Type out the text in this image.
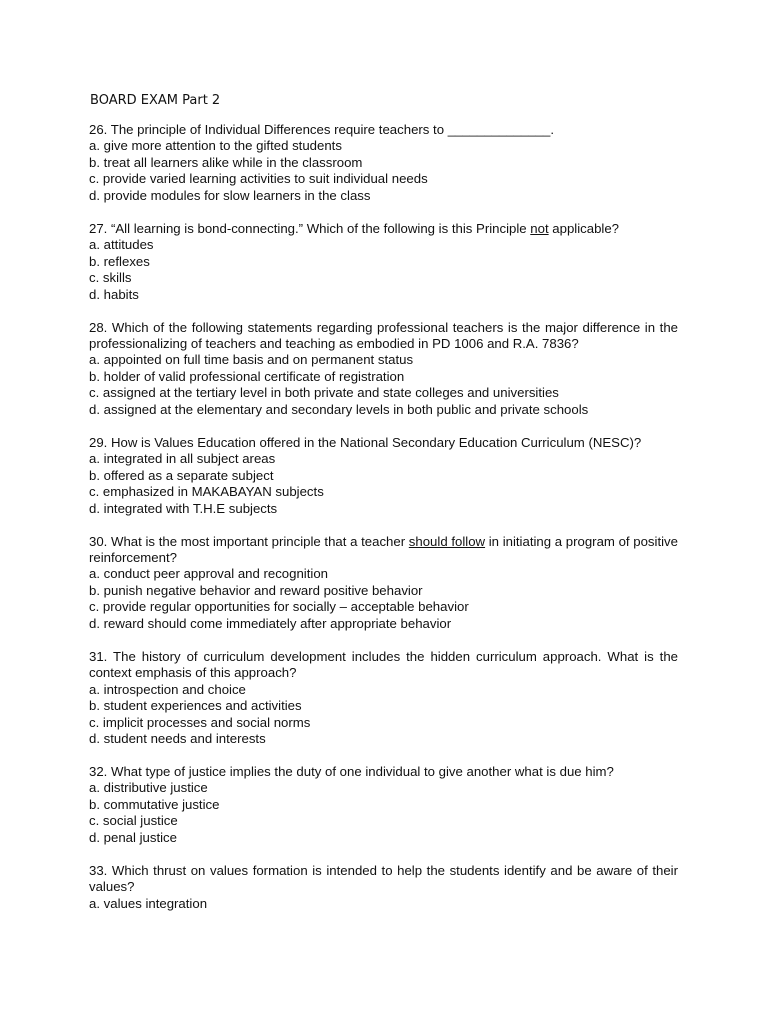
BOARD EXAM Part 2
26. The principle of Individual Differences require teachers to ______________.
a. give more attention to the gifted students
b. treat all learners alike while in the classroom
c. provide varied learning activities to suit individual needs
d. provide modules for slow learners in the class
27. “All learning is bond-connecting.” Which of the following is this Principle not applicable?
a. attitudes
b. reflexes
c. skills
d. habits
28. Which of the following statements regarding professional teachers is the major difference in the professionalizing of teachers and teaching as embodied in PD 1006 and R.A. 7836?
a. appointed on full time basis and on permanent status
b. holder of valid professional certificate of registration
c. assigned at the tertiary level in both private and state colleges and universities
d. assigned at the elementary and secondary levels in both public and private schools
29. How is Values Education offered in the National Secondary Education Curriculum (NESC)?
a. integrated in all subject areas
b. offered as a separate subject
c. emphasized in MAKABAYAN subjects
d. integrated with T.H.E subjects
30. What is the most important principle that a teacher should follow in initiating a program of positive reinforcement?
a. conduct peer approval and recognition
b. punish negative behavior and reward positive behavior
c. provide regular opportunities for socially – acceptable behavior
d. reward should come immediately after appropriate behavior
31. The history of curriculum development includes the hidden curriculum approach. What is the context emphasis of this approach?
a. introspection and choice
b. student experiences and activities
c. implicit processes and social norms
d. student needs and interests
32. What type of justice implies the duty of one individual to give another what is due him?
a. distributive justice
b. commutative justice
c. social justice
d. penal justice
33. Which thrust on values formation is intended to help the students identify and be aware of their values?
a. values integration
